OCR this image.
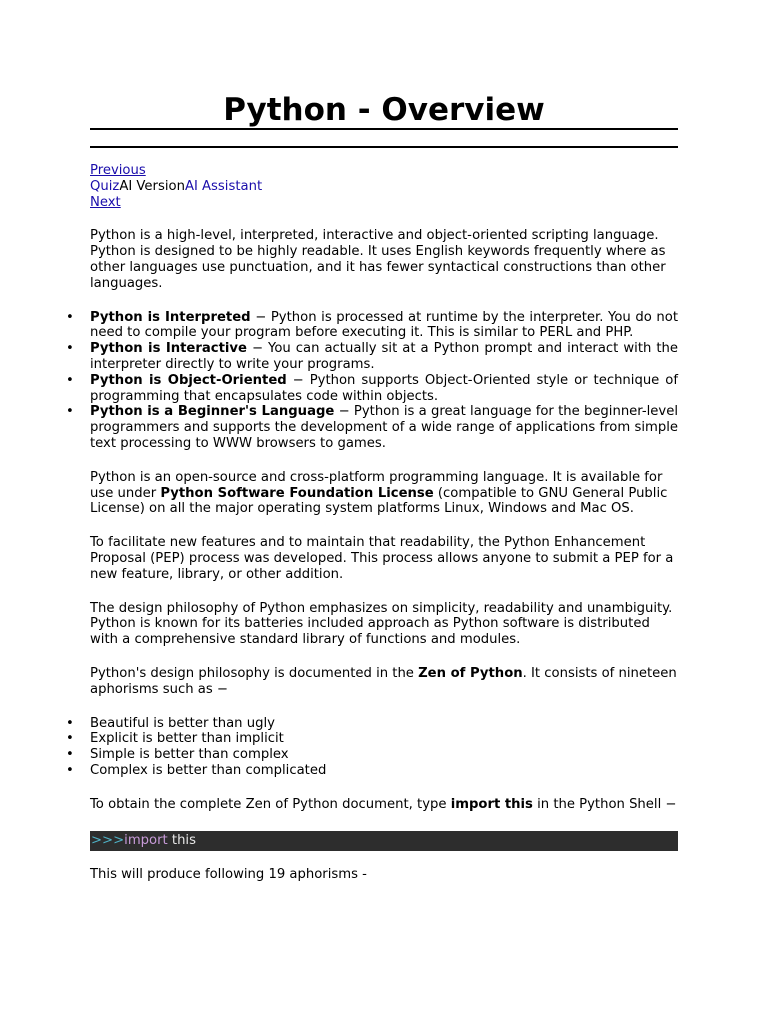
Python - Overview
Previous
QuizAI VersionAI Assistant
Next

Python is a high-level, interpreted, interactive and object-oriented scripting language. Python is designed to be highly readable. It uses English keywords frequently where as other languages use punctuation, and it has fewer syntactical constructions than other languages.

• Python is Interpreted − Python is processed at runtime by the interpreter. You do not need to compile your program before executing it. This is similar to PERL and PHP.
• Python is Interactive − You can actually sit at a Python prompt and interact with the interpreter directly to write your programs.
• Python is Object-Oriented − Python supports Object-Oriented style or technique of programming that encapsulates code within objects.
• Python is a Beginner's Language − Python is a great language for the beginner-level programmers and supports the development of a wide range of applications from simple text processing to WWW browsers to games.

Python is an open-source and cross-platform programming language. It is available for use under Python Software Foundation License (compatible to GNU General Public License) on all the major operating system platforms Linux, Windows and Mac OS.

To facilitate new features and to maintain that readability, the Python Enhancement Proposal (PEP) process was developed. This process allows anyone to submit a PEP for a new feature, library, or other addition.

The design philosophy of Python emphasizes on simplicity, readability and unambiguity. Python is known for its batteries included approach as Python software is distributed with a comprehensive standard library of functions and modules.

Python's design philosophy is documented in the Zen of Python. It consists of nineteen aphorisms such as −

• Beautiful is better than ugly
• Explicit is better than implicit
• Simple is better than complex
• Complex is better than complicated

To obtain the complete Zen of Python document, type import this in the Python Shell −

>>>import this

This will produce following 19 aphorisms -
